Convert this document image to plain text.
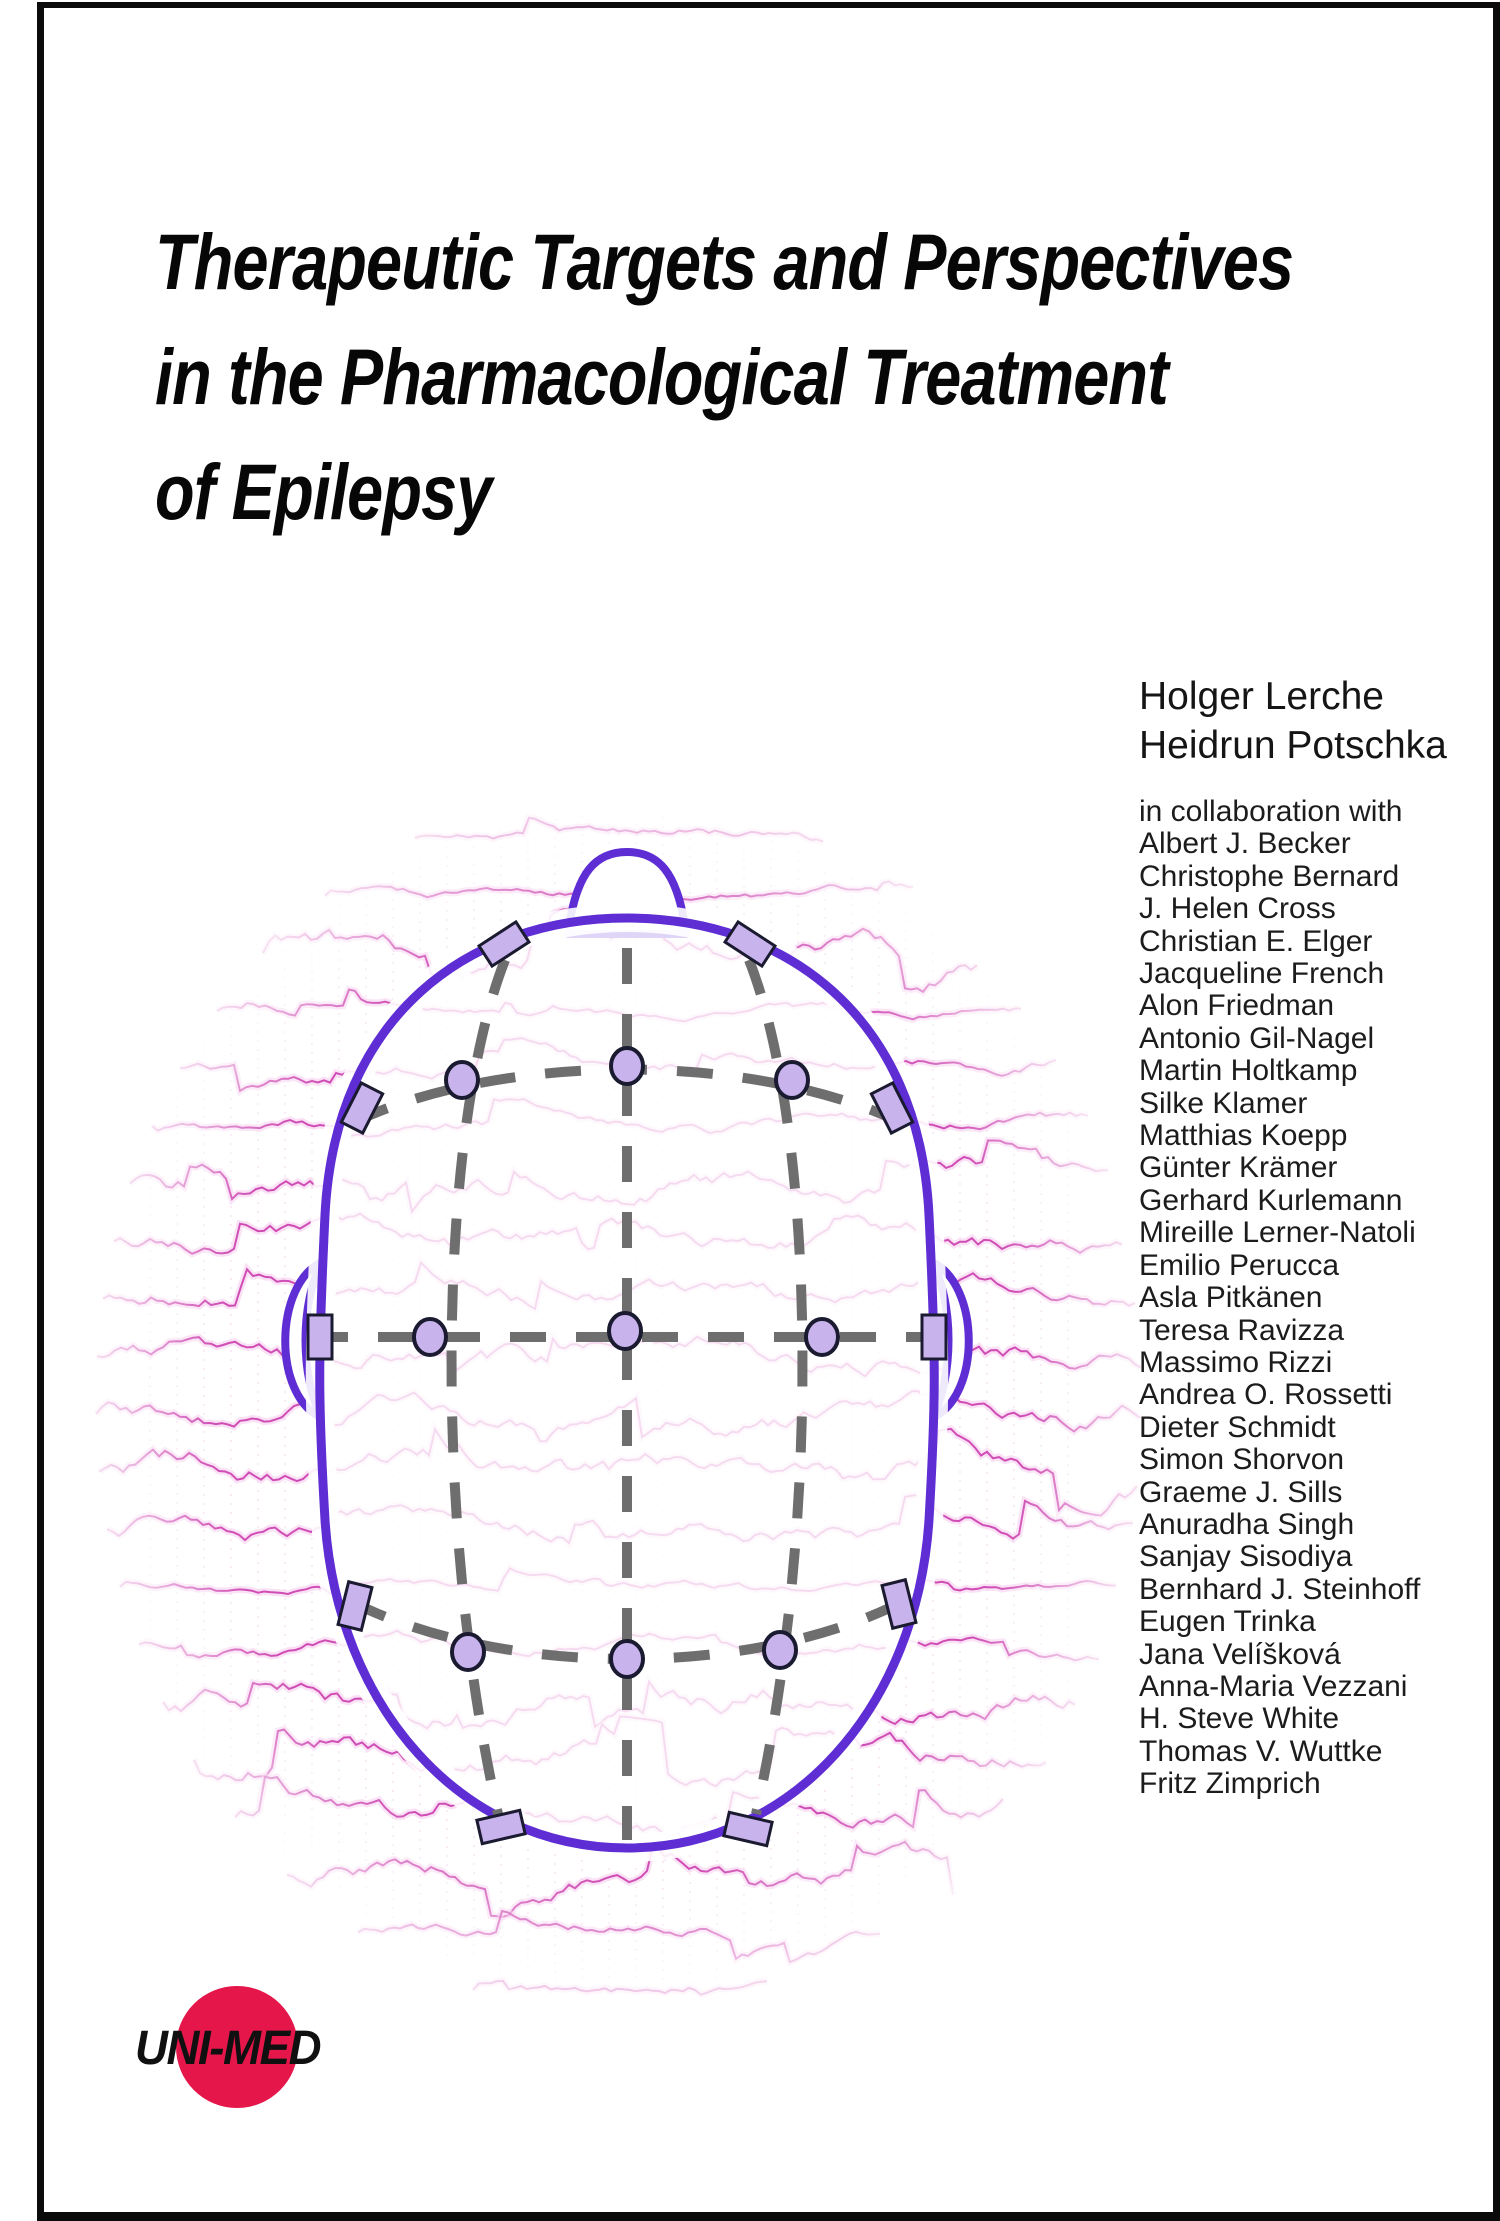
Therapeutic Targets and Perspectives
in the Pharmacological Treatment
of Epilepsy
Holger Lerche
Heidrun Potschka
in collaboration with
Albert J. Becker
Christophe Bernard
J. Helen Cross
Christian E. Elger
Jacqueline French
Alon Friedman
Antonio Gil-Nagel
Martin Holtkamp
Silke Klamer
Matthias Koepp
Günter Krämer
Gerhard Kurlemann
Mireille Lerner-Natoli
Emilio Perucca
Asla Pitkänen
Teresa Ravizza
Massimo Rizzi
Andrea O. Rossetti
Dieter Schmidt
Simon Shorvon
Graeme J. Sills
Anuradha Singh
Sanjay Sisodiya
Bernhard J. Steinhoff
Eugen Trinka
Jana Velíšková
Anna-Maria Vezzani
H. Steve White
Thomas V. Wuttke
Fritz Zimprich
UNI-MED
